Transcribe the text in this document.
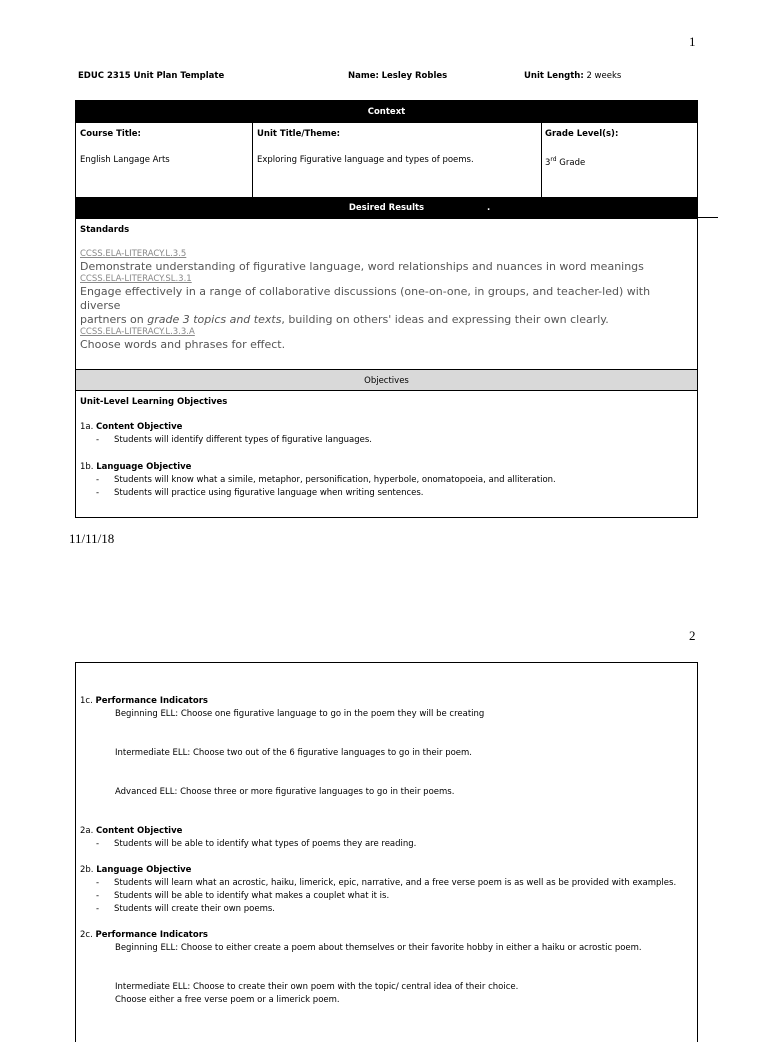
1
EDUC 2315 Unit Plan Template	Name: Lesley Robles	Unit Length: 2 weeks
Context
Course Title:
English Langage Arts
Unit Title/Theme:
Exploring Figurative language and types of poems.
Grade Level(s):
3rd Grade
Desired Results	.
Standards
CCSS.ELA-LITERACY.L.3.5
Demonstrate understanding of figurative language, word relationships and nuances in word meanings
CCSS.ELA-LITERACY.SL.3.1
Engage effectively in a range of collaborative discussions (one-on-one, in groups, and teacher-led) with diverse
partners on grade 3 topics and texts, building on others' ideas and expressing their own clearly.
CCSS.ELA-LITERACY.L.3.3.A
Choose words and phrases for effect.
Objectives
Unit-Level Learning Objectives
1a. Content Objective
- Students will identify different types of figurative languages.
1b. Language Objective
- Students will know what a simile, metaphor, personification, hyperbole, onomatopoeia, and alliteration.
- Students will practice using figurative language when writing sentences.
11/11/18
2
1c. Performance Indicators
Beginning ELL: Choose one figurative language to go in the poem they will be creating
Intermediate ELL: Choose two out of the 6 figurative languages to go in their poem.
Advanced ELL: Choose three or more figurative languages to go in their poems.
2a. Content Objective
- Students will be able to identify what types of poems they are reading.
2b. Language Objective
- Students will learn what an acrostic, haiku, limerick, epic, narrative, and a free verse poem is as well as be provided with examples.
- Students will be able to identify what makes a couplet what it is.
- Students will create their own poems.
2c. Performance Indicators
Beginning ELL: Choose to either create a poem about themselves or their favorite hobby in either a haiku or acrostic poem.
Intermediate ELL: Choose to create their own poem with the topic/ central idea of their choice.
Choose either a free verse poem or a limerick poem.
